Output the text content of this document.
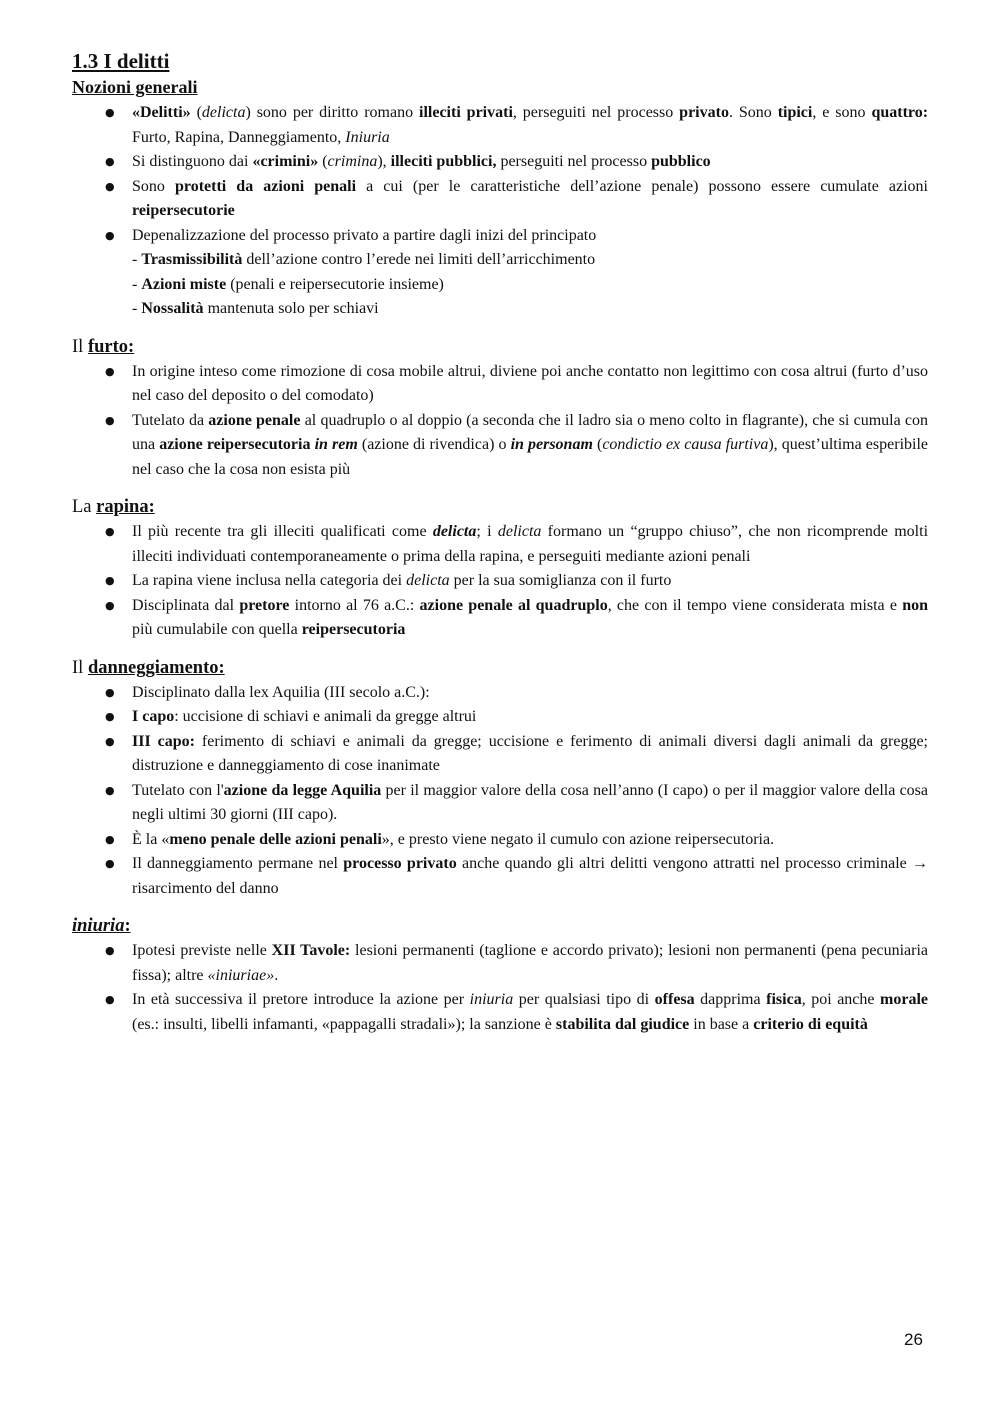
1.3 I delitti
Nozioni generali
● «Delitti» (delicta) sono per diritto romano illeciti privati, perseguiti nel processo privato. Sono tipici, e sono quattro: Furto, Rapina, Danneggiamento, Iniuria
● Si distinguono dai «crimini» (crimina), illeciti pubblici, perseguiti nel processo pubblico
● Sono protetti da azioni penali a cui (per le caratteristiche dell’azione penale) possono essere cumulate azioni reipersecutorie
● Depenalizzazione del processo privato a partire dagli inizi del principato
- Trasmissibilità dell’azione contro l’erede nei limiti dell’arricchimento
- Azioni miste (penali e reipersecutorie insieme)
- Nossalità mantenuta solo per schiavi

Il furto:

● In origine inteso come rimozione di cosa mobile altrui, diviene poi anche contatto non legittimo con cosa altrui (furto d’uso nel caso del deposito o del comodato)
● Tutelato da azione penale al quadruplo o al doppio (a seconda che il ladro sia o meno colto in flagrante), che si cumula con una azione reipersecutoria in rem (azione di rivendica) o in personam (condictio ex causa furtiva), quest’ultima esperibile nel caso che la cosa non esista più

La rapina:

● Il più recente tra gli illeciti qualificati come delicta; i delicta formano un “gruppo chiuso”, che non ricomprende molti illeciti individuati contemporaneamente o prima della rapina, e perseguiti mediante azioni penali
● La rapina viene inclusa nella categoria dei delicta per la sua somiglianza con il furto
● Disciplinata dal pretore intorno al 76 a.C.: azione penale al quadruplo, che con il tempo viene considerata mista e non più cumulabile con quella reipersecutoria

Il danneggiamento:

● Disciplinato dalla lex Aquilia (III secolo a.C.):
● I capo: uccisione di schiavi e animali da gregge altrui
● III capo: ferimento di schiavi e animali da gregge; uccisione e ferimento di animali diversi dagli animali da gregge; distruzione e danneggiamento di cose inanimate
● Tutelato con l'azione da legge Aquilia per il maggior valore della cosa nell’anno (I capo) o per il maggior valore della cosa negli ultimi 30 giorni (III capo).
● È la «meno penale delle azioni penali», e presto viene negato il cumulo con azione reipersecutoria.
● Il danneggiamento permane nel processo privato anche quando gli altri delitti vengono attratti nel processo criminale → risarcimento del danno

iniuria:

● Ipotesi previste nelle XII Tavole: lesioni permanenti (taglione e accordo privato); lesioni non permanenti (pena pecuniaria fissa); altre «iniuriae».
● In età successiva il pretore introduce la azione per iniuria per qualsiasi tipo di offesa dapprima fisica, poi anche morale (es.: insulti, libelli infamanti, «pappagalli stradali»); la sanzione è stabilita dal giudice in base a criterio di equità
26
